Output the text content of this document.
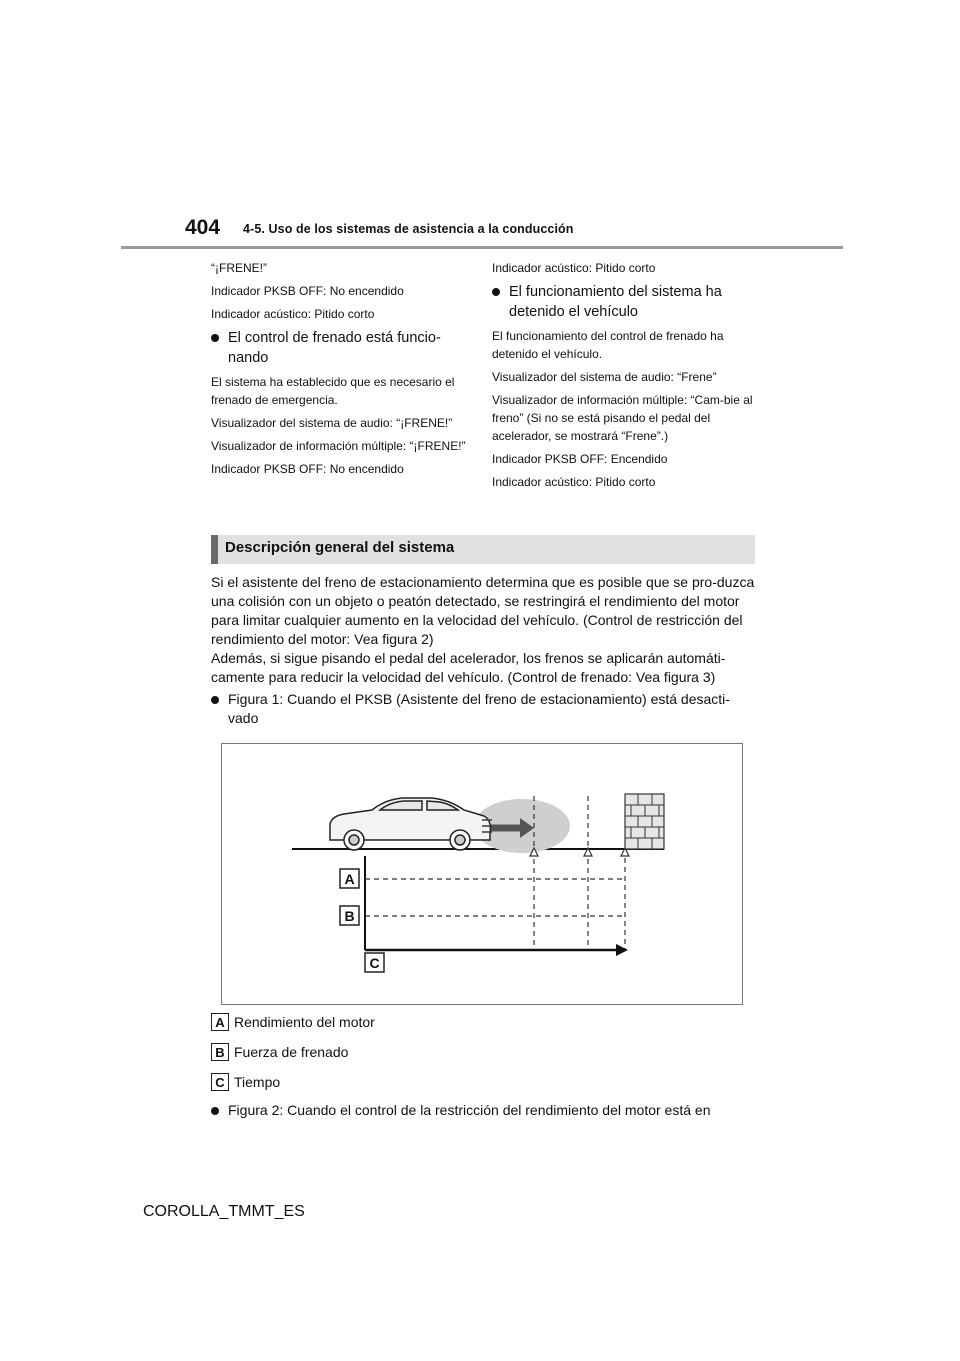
404 4-5. Uso de los sistemas de asistencia a la conducción

“¡FRENE!”

Indicador PKSB OFF: No encendido

Indicador acústico: Pitido corto

El control de frenado está funcio-nando

El sistema ha establecido que es necesario el frenado de emergencia.

Visualizador del sistema de audio: “¡FRENE!”

Visualizador de información múltiple: “¡FRENE!”

Indicador PKSB OFF: No encendido

Indicador acústico: Pitido corto

El funcionamiento del sistema ha detenido el vehículo

El funcionamiento del control de frenado ha detenido el vehículo.

Visualizador del sistema de audio: “Frene”

Visualizador de información múltiple: “Cam-bie al freno” (Si no se está pisando el pedal del acelerador, se mostrará “Frene”.)

Indicador PKSB OFF: Encendido

Indicador acústico: Pitido corto

Descripción general del sistema

Si el asistente del freno de estacionamiento determina que es posible que se pro-duzca una colisión con un objeto o peatón detectado, se restringirá el rendimiento del motor para limitar cualquier aumento en la velocidad del vehículo. (Control de restricción del rendimiento del motor: Vea figura 2)

Además, si sigue pisando el pedal del acelerador, los frenos se aplicarán automáti-camente para reducir la velocidad del vehículo. (Control de frenado: Vea figura 3)

Figura 1: Cuando el PKSB (Asistente del freno de estacionamiento) está desacti-vado
A
B
C
A Rendimiento del motor
B Fuerza de frenado
C Tiempo
Figura 2: Cuando el control de la restricción del rendimiento del motor está en
COROLLA_TMMT_ES
